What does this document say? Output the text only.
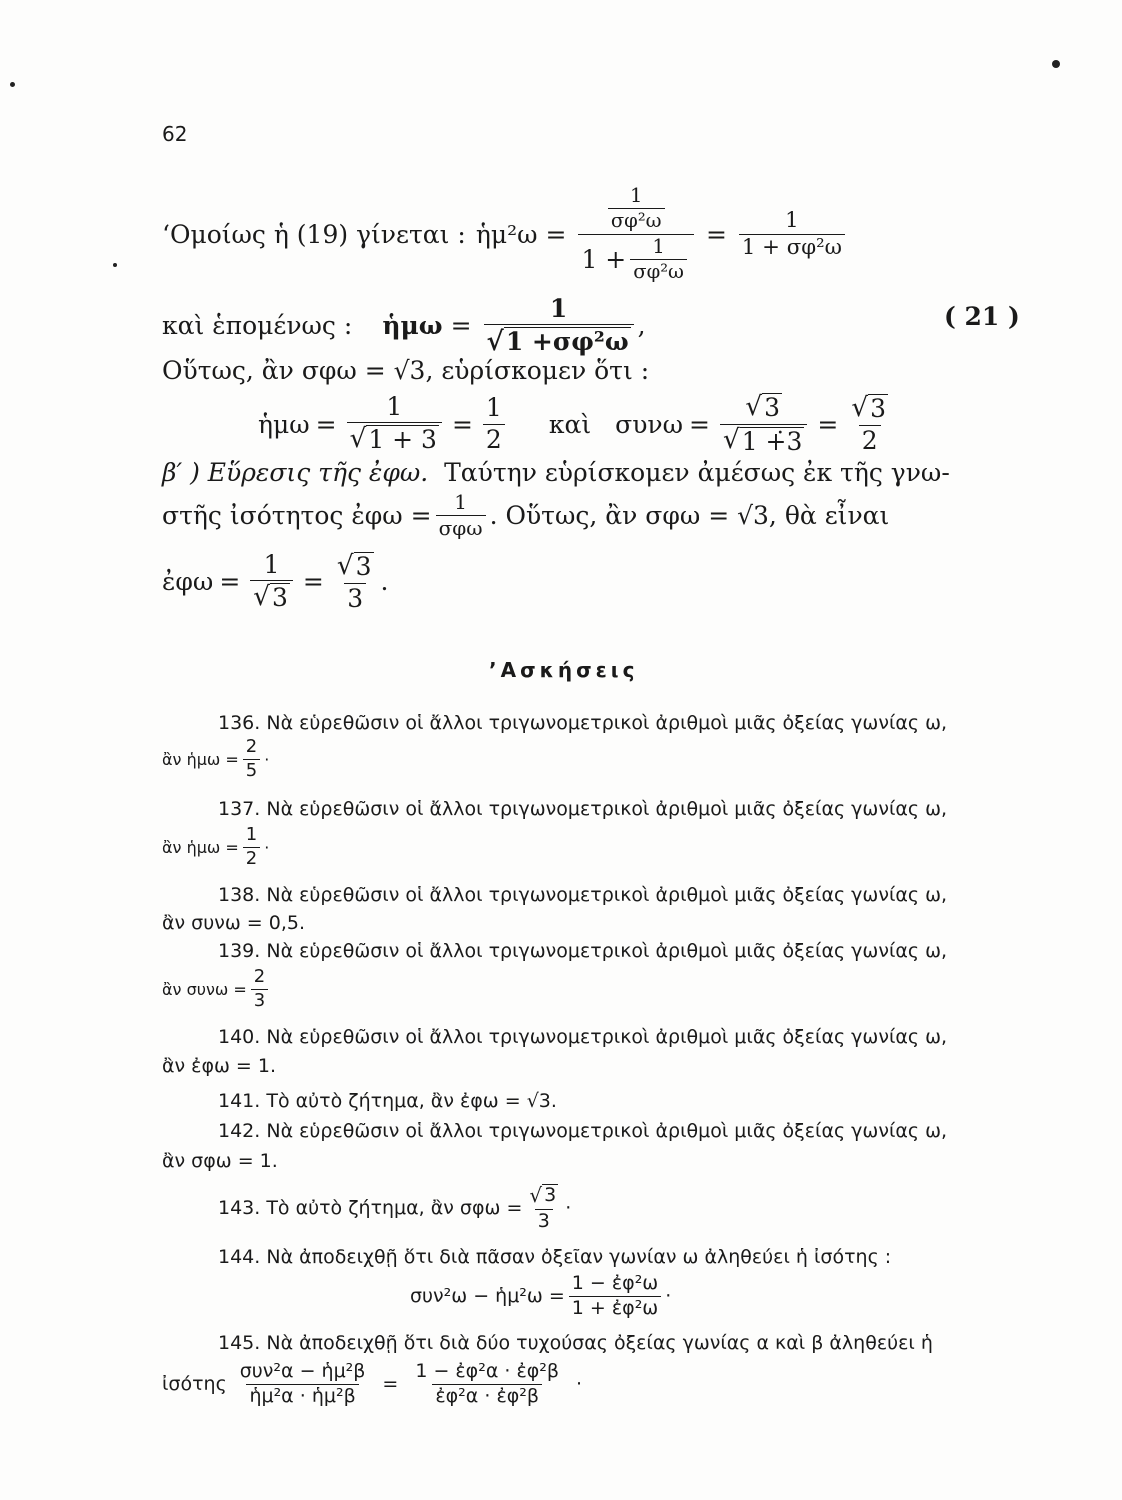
62
‘Ομοίως ἡ (19) γίνεται : ἡμ²ω = $\frac{\frac{1}{\text{σφ²ω}}}{1 + \frac{1}{\text{σφ²ω}}} = \frac{1}{\text{1 + σφ²ω}}$
καὶ ἑπομένως : ἡμω = $\frac{1}{\text{√ 1 +σφ²ω}}$ ,	( 21 )
Οὕτως, ἂν σφω = √3, εὑρίσκομεν ὅτι :
ἡμω = $\frac{1}{√ 1 + 3} = \frac{1}{2}$ καὶ $\sigma\upsilon\nu\omega = \frac{√ 3}{√ 1 +̇3} = \frac{√ 3}{2}$
β′ ) Εὕρεσις τῆς ἐφω. Ταύτην εὑρίσκομεν ἀμέσως ἐκ τῆς γνω-
στῆς ἰσότητος ἐφω = $\frac{1}{\text{σφω}}$ . Οὕτως, ἂν σφω = √3, θὰ εἶναι
ἐφω = $\frac{1}{√ 3} = \frac{√ 3}{3}$ .
’Ασκήσεις
136. Νὰ εὑρεθῶσιν οἱ ἄλλοι τριγωνομετρικοὶ ἀριθμοὶ μιᾶς ὀξείας γωνίας ω,
ἂν ἡμω = $\frac{2}{5}$ ·
137. Νὰ εὑρεθῶσιν οἱ ἄλλοι τριγωνομετρικοὶ ἀριθμοὶ μιᾶς ὀξείας γωνίας ω,
ἂν ἡμω = $\frac{1}{2}$ ·
138. Νὰ εὑρεθῶσιν οἱ ἄλλοι τριγωνομετρικοὶ ἀριθμοὶ μιᾶς ὀξείας γωνίας ω,
ἂν συνω = 0,5.
139. Νὰ εὑρεθῶσιν οἱ ἄλλοι τριγωνομετρικοὶ ἀριθμοὶ μιᾶς ὀξείας γωνίας ω,
ἂν $\sigma\upsilon\nu\omega = \frac{2}{3}$
140. Νὰ εὑρεθῶσιν οἱ ἄλλοι τριγωνομετρικοὶ ἀριθμοὶ μιᾶς ὀξείας γωνίας ω,
ἂν ἐφω = 1.
141. Τὸ αὐτὸ ζήτημα, ἂν ἐφω = √3.
142. Νὰ εὑρεθῶσιν οἱ ἄλλοι τριγωνομετρικοὶ ἀριθμοὶ μιᾶς ὀξείας γωνίας ω,
ἂν σφω = 1.
143. Τὸ αὐτὸ ζήτημα, ἂν $\sigma\varphi\omega = \frac{√ 3}{3}$ ·
144. Νὰ ἀποδειχθῇ ὅτι διὰ πᾶσαν ὀξεῖαν γωνίαν ω ἀληθεύει ἡ ἰσότης :
συν²ω − ἡμ²ω = $\frac{\text{1 − ἐφ²ω}}{\text{1 + ἐφ²ω}}$ ·
145. Νὰ ἀποδειχθῇ ὅτι διὰ δύο τυχούσας ὀξείας γωνίας α καὶ β ἀληθεύει ἡ
ἰσότης $\frac{\text{συν²α − ἡμ²β}}{\text{ἡμ²α · ἡμ²β}} = \frac{\text{1 − ἐφ²α · ἐφ²β}}{\text{ἐφ²α · ἐφ²β}}$ ·
